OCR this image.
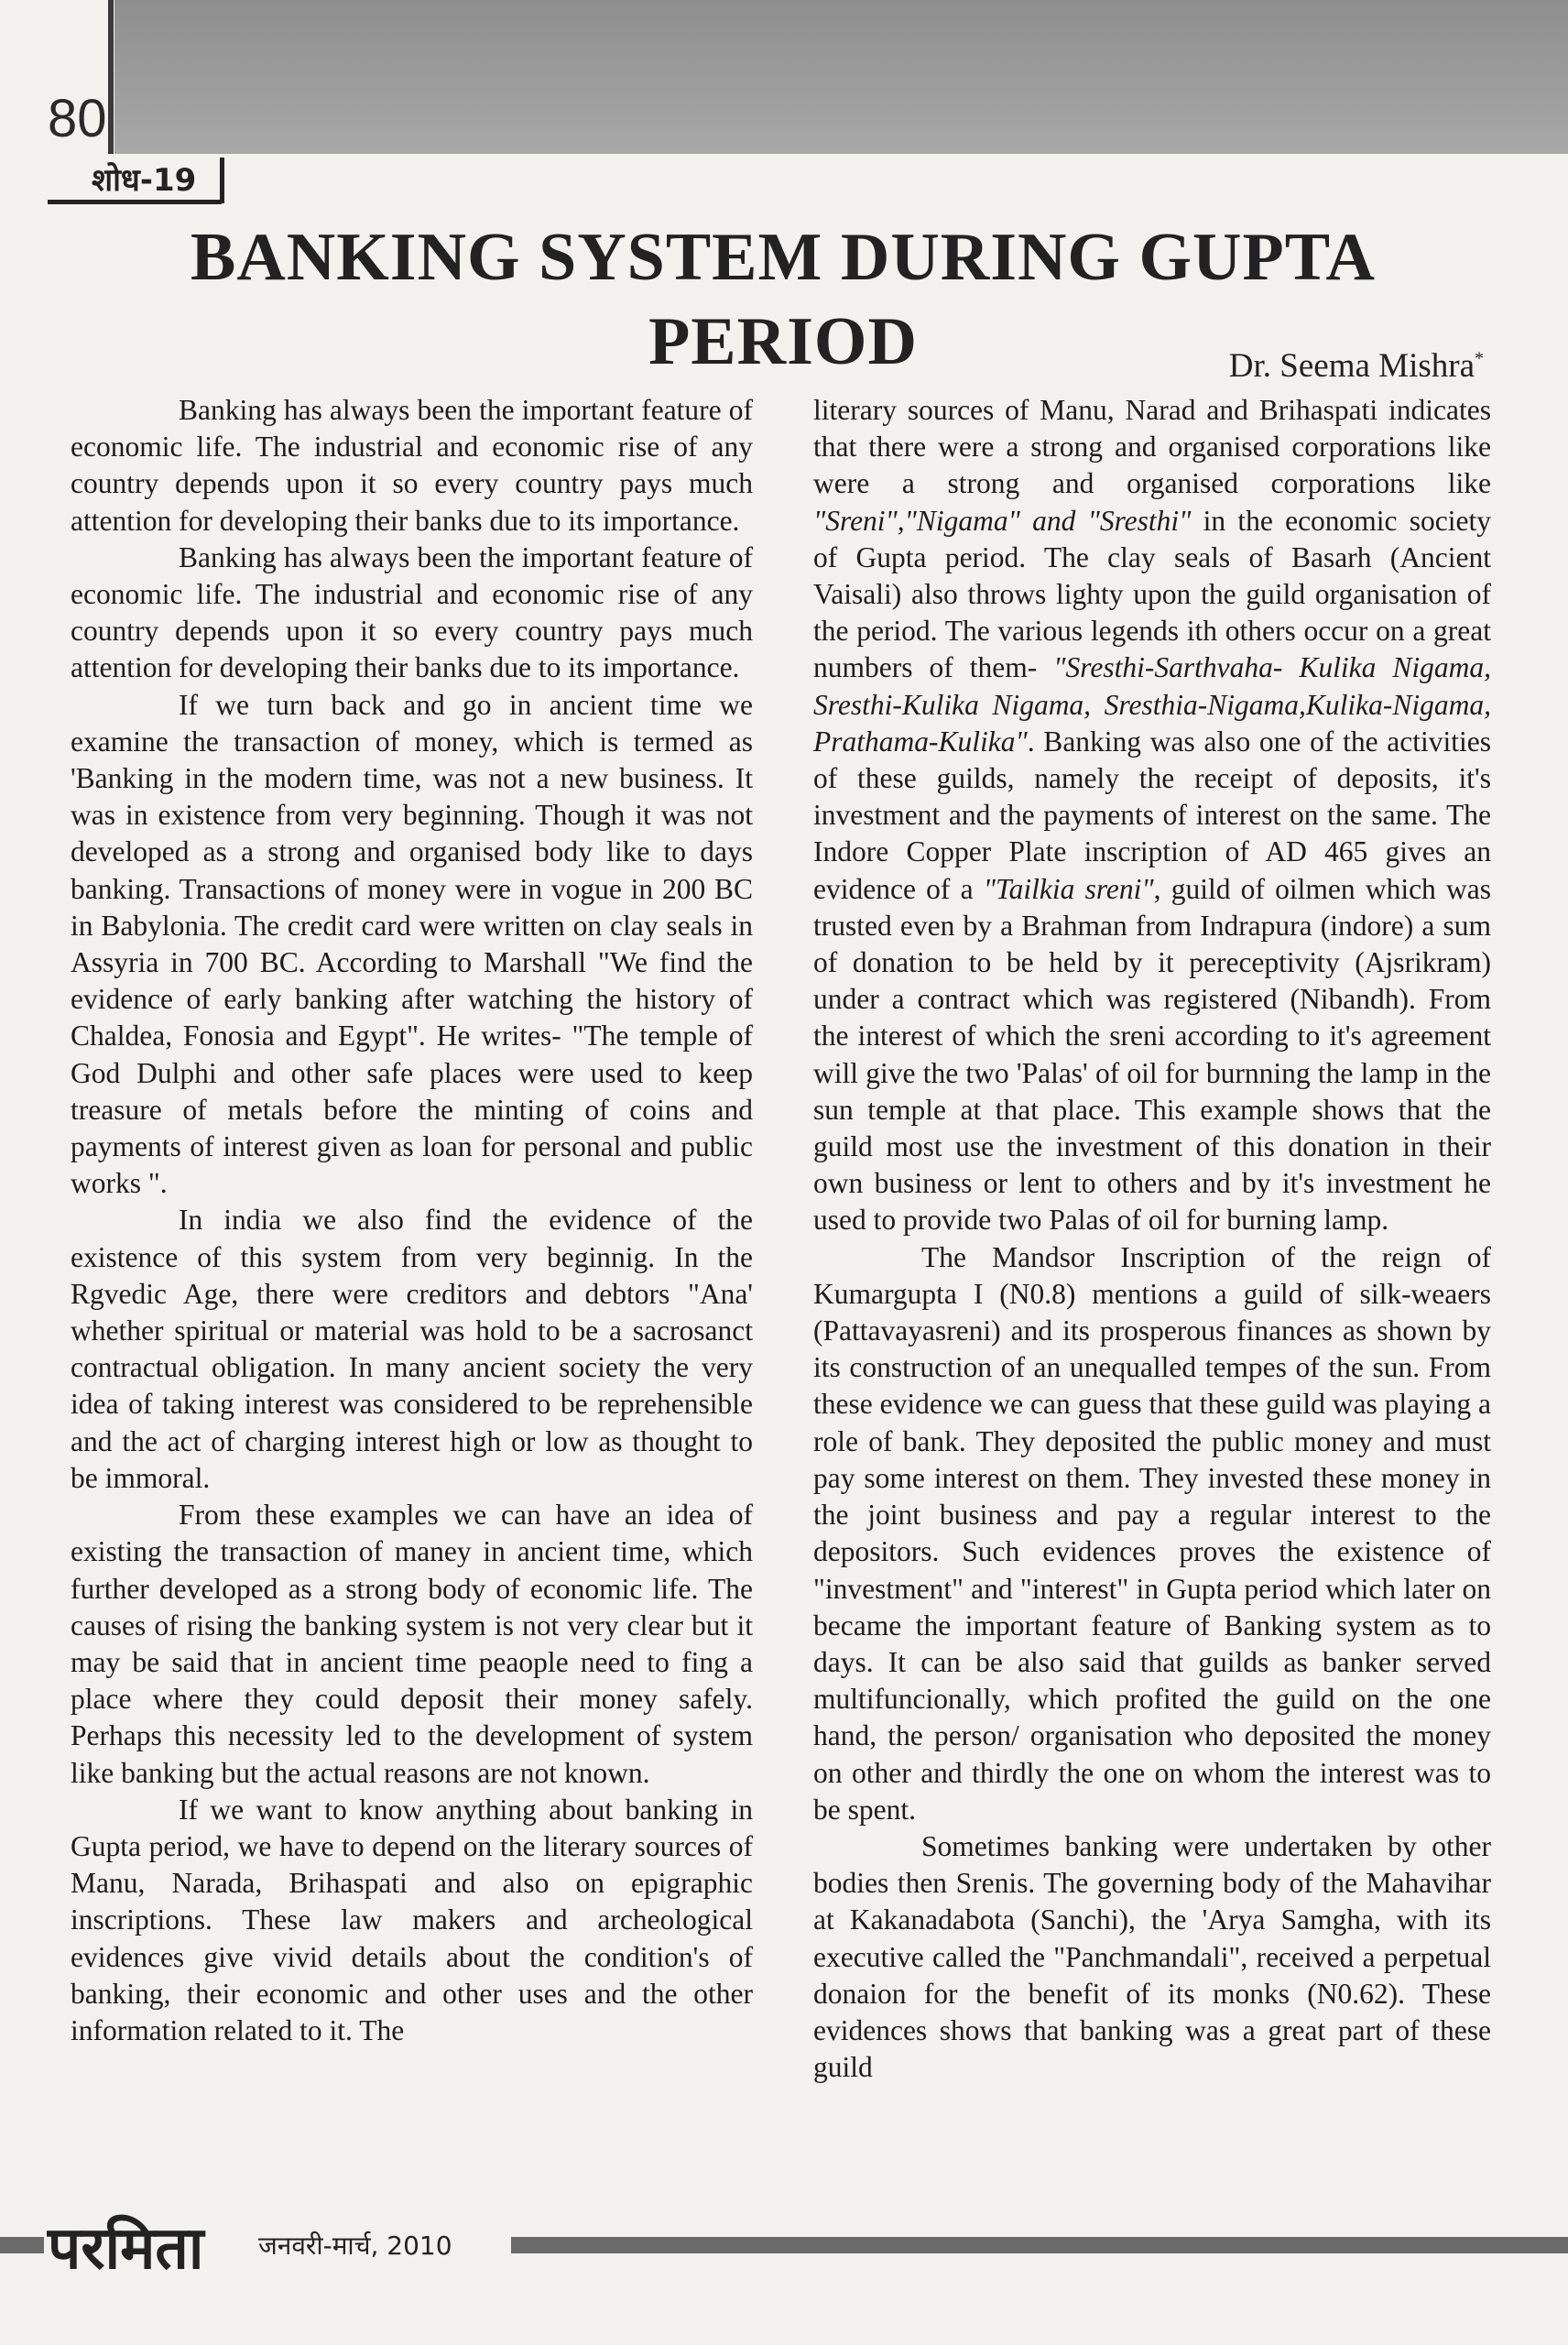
80
शोध-19
BANKING SYSTEM DURING GUPTA PERIOD	Dr. Seema Mishra*

Banking has always been the important feature of economic life. The industrial and economic rise of any country depends upon it so every country pays much attention for developing their banks due to its importance.

Banking has always been the important feature of economic life. The industrial and economic rise of any country depends upon it so every country pays much attention for developing their banks due to its importance.

If we turn back and go in ancient time we examine the transaction of money, which is termed as 'Banking in the modern time, was not a new business. It was in existence from very beginning. Though it was not developed as a strong and organised body like to days banking. Transactions of money were in vogue in 200 BC in Babylonia. The credit card were written on clay seals in Assyria in 700 BC. According to Marshall "We find the evidence of early banking after watching the history of Chaldea, Fonosia and Egypt". He writes- "The temple of God Dulphi and other safe places were used to keep treasure of metals before the minting of coins and payments of interest given as loan for personal and public works ".

In india we also find the evidence of the existence of this system from very beginnig. In the Rgvedic Age, there were creditors and debtors "Ana' whether spiritual or material was hold to be a sacrosanct contractual obligation. In many ancient society the very idea of taking interest was considered to be reprehensible and the act of charging interest high or low as thought to be immoral.

From these examples we can have an idea of existing the transaction of maney in ancient time, which further developed as a strong body of economic life. The causes of rising the banking system is not very clear but it may be said that in ancient time peaople need to fing a place where they could deposit their money safely. Perhaps this necessity led to the development of system like banking but the actual reasons are not known.

If we want to know anything about banking in Gupta period, we have to depend on the literary sources of Manu, Narada, Brihaspati and also on epigraphic inscriptions. These law makers and archeological evidences give vivid details about the condition's of banking, their economic and other uses and the other information related to it. The

literary sources of Manu, Narad and Brihaspati indicates that there were a strong and organised corporations like were a strong and organised corporations like "Sreni","Nigama" and "Sresthi" in the economic society of Gupta period. The clay seals of Basarh (Ancient Vaisali) also throws lighty upon the guild organisation of the period. The various legends ith others occur on a great numbers of them- "Sresthi-Sarthvaha- Kulika Nigama, Sresthi-Kulika Nigama, Sresthia-Nigama,Kulika-Nigama, Prathama-Kulika". Banking was also one of the activities of these guilds, namely the receipt of deposits, it's investment and the payments of interest on the same. The Indore Copper Plate inscription of AD 465 gives an evidence of a "Tailkia sreni", guild of oilmen which was trusted even by a Brahman from Indrapura (indore) a sum of donation to be held by it pereceptivity (Ajsrikram) under a contract which was registered (Nibandh). From the interest of which the sreni according to it's agreement will give the two 'Palas' of oil for burnning the lamp in the sun temple at that place. This example shows that the guild most use the investment of this donation in their own business or lent to others and by it's investment he used to provide two Palas of oil for burning lamp.

The Mandsor Inscription of the reign of Kumargupta I (N0.8) mentions a guild of silk-weaers (Pattavayasreni) and its prosperous finances as shown by its construction of an unequalled tempes of the sun. From these evidence we can guess that these guild was playing a role of bank. They deposited the public money and must pay some interest on them. They invested these money in the joint business and pay a regular interest to the depositors. Such evidences proves the existence of "investment" and "interest" in Gupta period which later on became the important feature of Banking system as to days. It can be also said that guilds as banker served multifuncionally, which profited the guild on the one hand, the person/ organisation who deposited the money on other and thirdly the one on whom the interest was to be spent.

Sometimes banking were undertaken by other bodies then Srenis. The governing body of the Mahavihar at Kakanadabota (Sanchi), the 'Arya Samgha, with its executive called the "Panchmandali", received a perpetual donaion for the benefit of its monks (N0.62). These evidences shows that banking was a great part of these guild

परमिता जनवरी-मार्च, 2010
